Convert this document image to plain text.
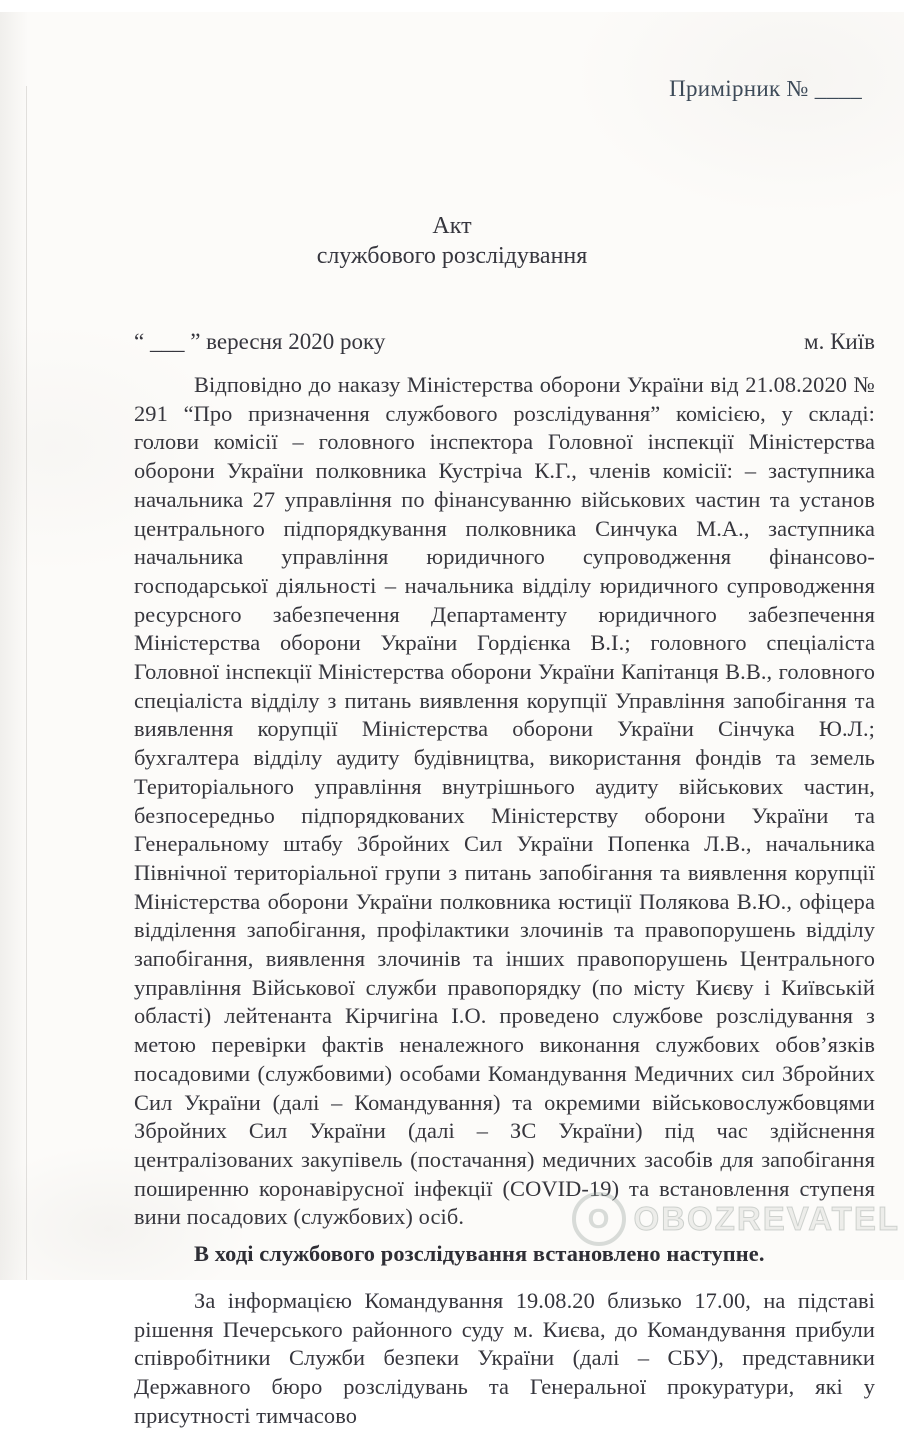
Примірник № ____
Акт
службового розслідування
“ ___ ” вересня 2020 року	м. Київ

Відповідно до наказу Міністерства оборони України від 21.08.2020 № 291 “Про призначення службового розслідування” комісією, у складі: голови комісії – головного інспектора Головної інспекції Міністерства оборони України полковника Кустріча К.Г., членів комісії: – заступника начальника 27 управління по фінансуванню військових частин та установ центрального підпорядкування полковника Синчука М.А., заступника начальника управління юридичного супроводження фінансово-господарської діяльності – начальника відділу юридичного супроводження ресурсного забезпечення Департаменту юридичного забезпечення Міністерства оборони України Гордієнка В.І.; головного спеціаліста Головної інспекції Міністерства оборони України Капітанця В.В., головного спеціаліста відділу з питань виявлення корупції Управління запобігання та виявлення корупції Міністерства оборони України Сінчука Ю.Л.; бухгалтера відділу аудиту будівництва, використання фондів та земель Територіального управління внутрішнього аудиту військових частин, безпосередньо підпорядкованих Міністерству оборони України та Генеральному штабу Збройних Сил України Попенка Л.В., начальника Північної територіальної групи з питань запобігання та виявлення корупції Міністерства оборони України полковника юстиції Полякова В.Ю., офіцера відділення запобігання, профілактики злочинів та правопорушень відділу запобігання, виявлення злочинів та інших правопорушень Центрального управління Військової служби правопорядку (по місту Києву і Київській області) лейтенанта Кірчигіна І.О. проведено службове розслідування з метою перевірки фактів неналежного виконання службових обов’язків посадовими (службовими) особами Командування Медичних сил Збройних Сил України (далі – Командування) та окремими військовослужбовцями Збройних Сил України (далі – ЗС України) під час здійснення централізованих закупівель (постачання) медичних засобів для запобігання поширенню коронавірусної інфекції (COVID-19) та встановлення ступеня вини посадових (службових) осіб.

В ході службового розслідування встановлено наступне.

За інформацією Командування 19.08.20 близько 17.00, на підставі рішення Печерського районного суду м. Києва, до Командування прибули співробітники Служби безпеки України (далі – СБУ), представники Державного бюро розслідувань та Генеральної прокуратури, які у присутності тимчасово

O OBOZREVATEL
